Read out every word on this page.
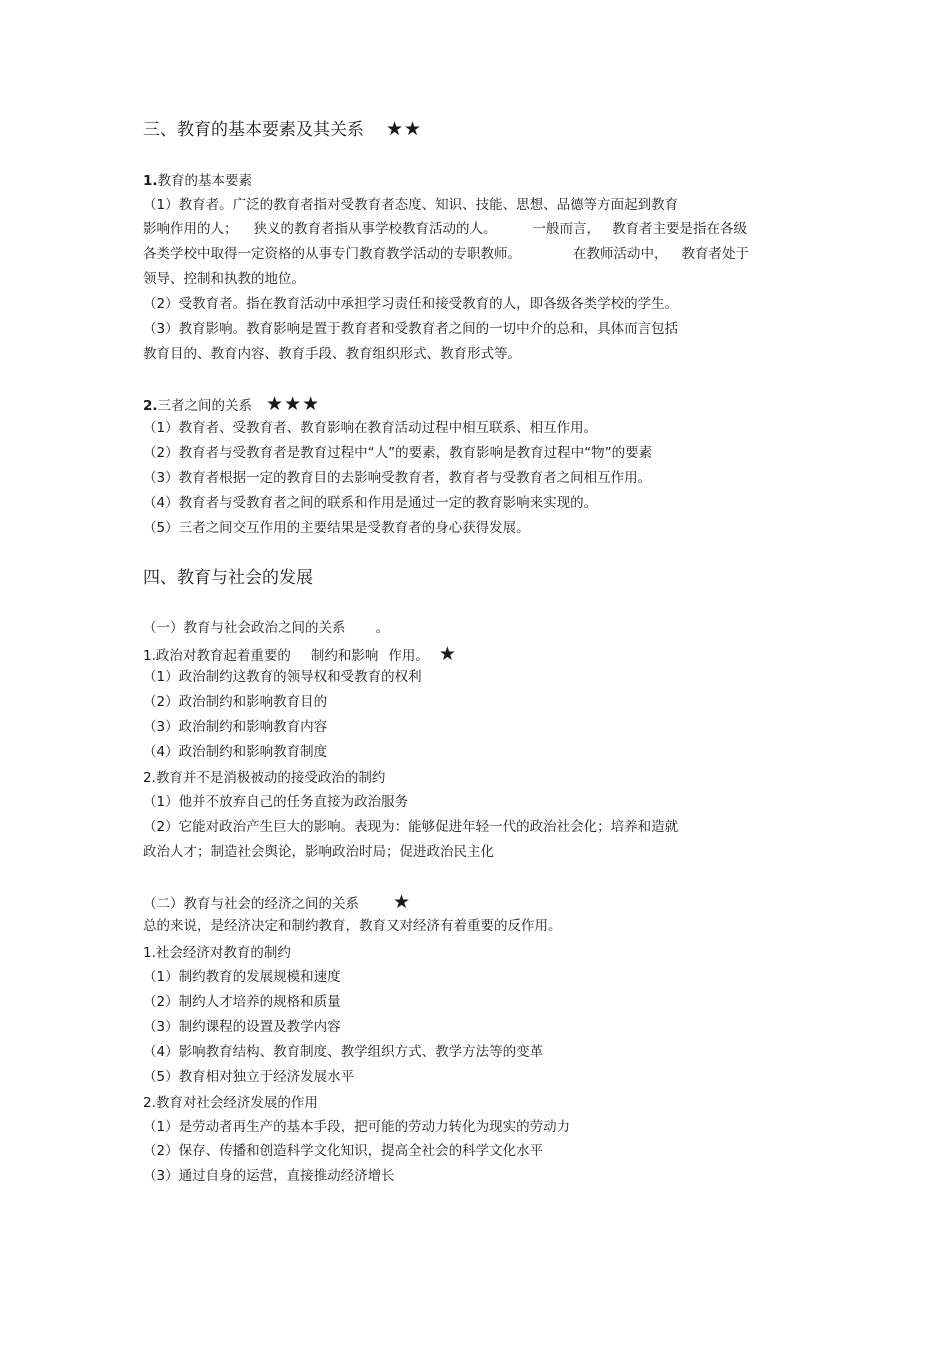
三、教育的基本要素及其关系 ★★
1.教育的基本要素
（1）教育者。广泛的教育者指对受教育者态度、知识、技能、思想、品德等方面起到教育
影响作用的人； 狭义的教育者指从事学校教育活动的人。	一般而言， 教育者主要是指在各级
各类学校中取得一定资格的从事专门教育教学活动的专职教师。	在教师活动中， 教育者处于
领导、控制和执教的地位。
（2）受教育者。指在教育活动中承担学习责任和接受教育的人，即各级各类学校的学生。
（3）教育影响。教育影响是置于教育者和受教育者之间的一切中介的总和，具体而言包括
教育目的、教育内容、教育手段、教育组织形式、教育形式等。
2.三者之间的关系 ★★★
（1）教育者、受教育者、教育影响在教育活动过程中相互联系、相互作用。
（2）教育者与受教育者是教育过程中“人”的要素，教育影响是教育过程中“物”的要素
（3）教育者根据一定的教育目的去影响受教育者，教育者与受教育者之间相互作用。
（4）教育者与受教育者之间的联系和作用是通过一定的教育影响来实现的。
（5）三者之间交互作用的主要结果是受教育者的身心获得发展。
四、教育与社会的发展
（一）教育与社会政治之间的关系 。
1.政治对教育起着重要的 制约和影响 作用。 ★
（1）政治制约这教育的领导权和受教育的权利
（2）政治制约和影响教育目的
（3）政治制约和影响教育内容
（4）政治制约和影响教育制度
2.教育并不是消极被动的接受政治的制约
（1）他并不放弃自己的任务直接为政治服务
（2）它能对政治产生巨大的影响。表现为：能够促进年轻一代的政治社会化；培养和造就
政治人才；制造社会舆论，影响政治时局；促进政治民主化
（二）教育与社会的经济之间的关系 ★
总的来说，是经济决定和制约教育，教育又对经济有着重要的反作用。
1.社会经济对教育的制约
（1）制约教育的发展规模和速度
（2）制约人才培养的规格和质量
（3）制约课程的设置及教学内容
（4）影响教育结构、教育制度、教学组织方式、教学方法等的变革
（5）教育相对独立于经济发展水平
2.教育对社会经济发展的作用
（1）是劳动者再生产的基本手段，把可能的劳动力转化为现实的劳动力
（2）保存、传播和创造科学文化知识，提高全社会的科学文化水平
（3）通过自身的运营，直接推动经济增长
